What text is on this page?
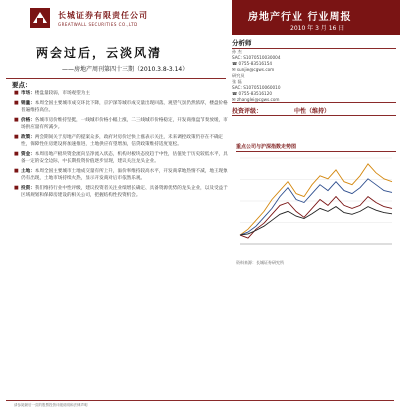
长城证券有限责任公司
GREATWALL SECURITIES CO.,LTD
房地产行业 行业周报
2010 年 3 月 16 日
两会过后，云淡风清
——房地产周刊第四十三期（2010.3.8-3.14）
要点：
■ 市场：楼盘量较弱，市场观望为主
■ 销量：本周全国主要城市成交环比下降，京沪深等城市成交量出现回落，观望气氛仍然浓厚，楼盘价格普遍维持高位。
■ 价格：各城市房价维持坚挺，一线城市价格小幅上涨，二三线城市价格稳定，开发商推盘节奏放缓，市场供应量有所减少。
■ 政策：两会期间关于房地产的提案众多，政府对房价过快上涨表示关注，未来调控政策仍存在不确定性，保障性住房建设将加速推进，土地供应有望增加，信贷政策维持适度宽松。
■ 资金：本周房地产板块资金流向呈净流入状态，机构对板块态度趋于中性，估值处于历史较低水平，具备一定的安全边际，中长期投资价值逐步显现，建议关注龙头企业。
■ 土地：本周全国主要城市土地成交量有所上升，溢价率维持较高水平，开发商拿地热情不减，地王现象仍有出现，土地市场持续火热，显示开发商对后市依然乐观。
■ 投资：我们维持行业中性评级，建议投资者关注业绩增长确定、具备资源优势的龙头企业，以及受益于区域规划和保障房建设的相关公司，把握结构性投资机会。
分析师
孙 杰
SAC: S1070510030004
☎ 0755-83516154
✉ sunjie@cgws.com
研究员
张 磊
SAC: S1070510060010
☎ 0755-83516120
✉ zhanglei@cgws.com
投资评级：	中性（维持）
重点公司与沪深指数走势图
资料来源：长城证券研究所
请参阅最后一页的股票投资评级说明和法律声明
